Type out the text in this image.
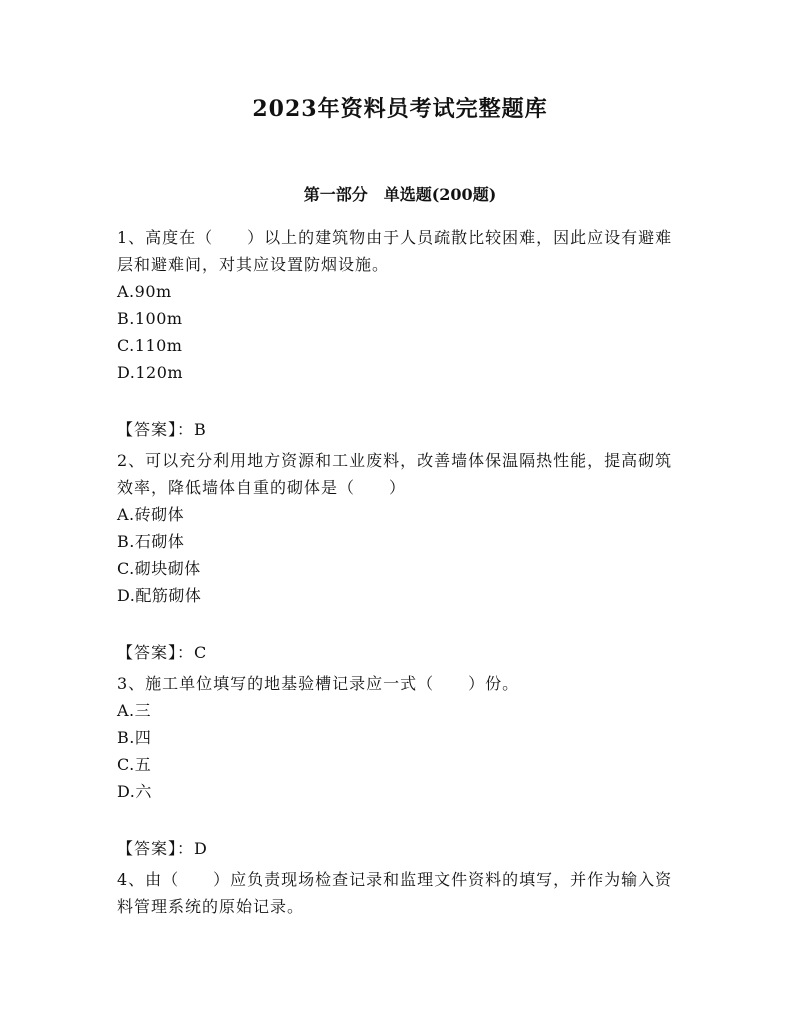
2023年资料员考试完整题库
第一部分　单选题(200题)

1、高度在（　　）以上的建筑物由于人员疏散比较困难，因此应设有避难层和避难间，对其应设置防烟设施。

A.90m

B.100m

C.110m

D.120m

【答案】：B

2、可以充分利用地方资源和工业废料，改善墙体保温隔热性能，提高砌筑效率，降低墙体自重的砌体是（　　）

A.砖砌体

B.石砌体

C.砌块砌体

D.配筋砌体

【答案】：C

3、施工单位填写的地基验槽记录应一式（　　）份。

A.三

B.四

C.五

D.六

【答案】：D

4、由（　　）应负责现场检查记录和监理文件资料的填写，并作为输入资料管理系统的原始记录。
